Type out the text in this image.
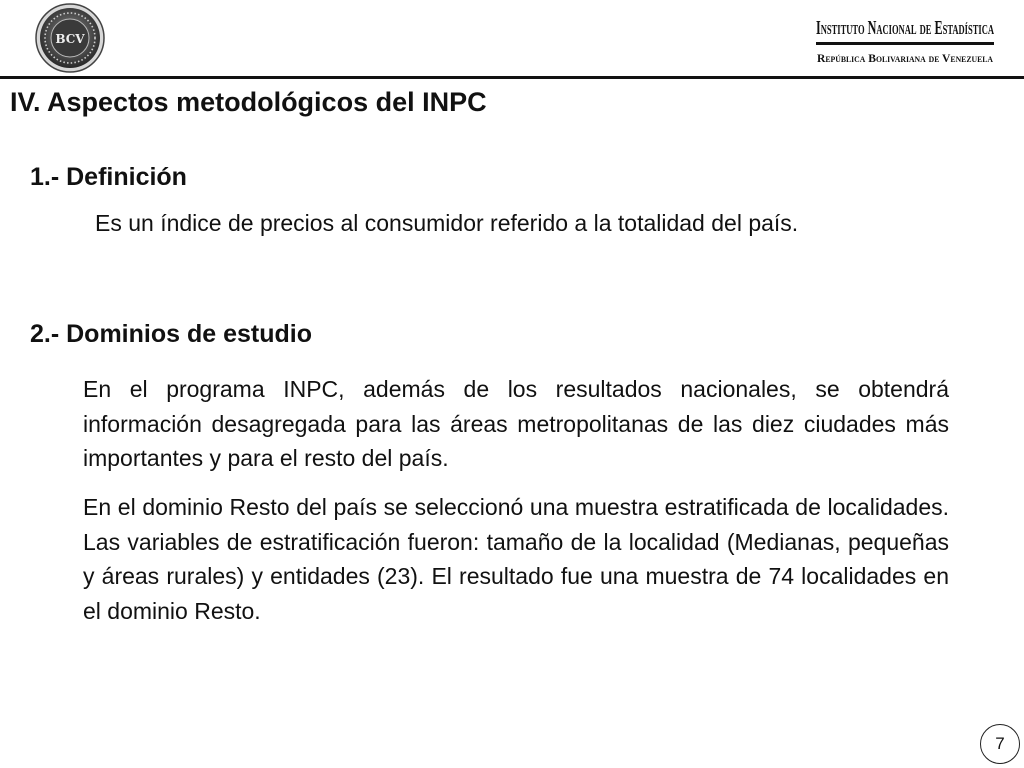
BCV	Instituto Nacional de Estadística
República Bolivariana de Venezuela
IV. Aspectos metodológicos del INPC
1.- Definición

Es un índice de precios al consumidor referido a la totalidad del país.

2.- Dominios de estudio

En el programa INPC, además de los resultados nacionales, se obtendrá información desagregada para las áreas metropolitanas de las diez ciudades más importantes y para el resto del país.

En el dominio Resto del país se seleccionó una muestra estratificada de localidades. Las variables de estratificación fueron: tamaño de la localidad (Medianas, pequeñas y áreas rurales) y entidades (23). El resultado fue una muestra de 74 localidades en el dominio Resto.

7
